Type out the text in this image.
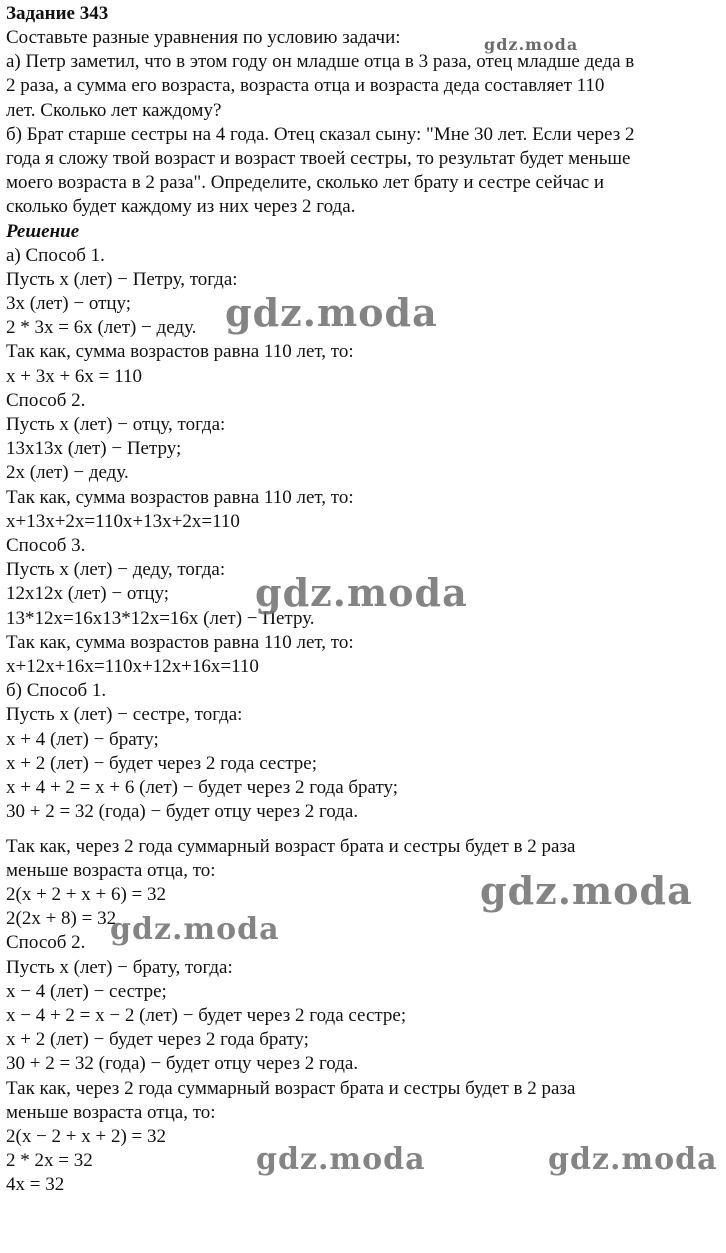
Задание 343
Составьте разные уравнения по условию задачи:
а) Петр заметил, что в этом году он младше отца в 3 раза, отец младше деда в
2 раза, а сумма его возраста, возраста отца и возраста деда составляет 110
лет. Сколько лет каждому?
б) Брат старше сестры на 4 года. Отец сказал сыну: "Мне 30 лет. Если через 2
года я сложу твой возраст и возраст твоей сестры, то результат будет меньше
моего возраста в 2 раза". Определите, сколько лет брату и сестре сейчас и
сколько будет каждому из них через 2 года.
Решение
а) Способ 1.
Пусть x (лет) − Петру, тогда:
3x (лет) − отцу;
2 * 3x = 6x (лет) − деду.
Так как, сумма возрастов равна 110 лет, то:
x + 3x + 6x = 110
Способ 2.
Пусть x (лет) − отцу, тогда:
13x13x (лет) − Петру;
2x (лет) − деду.
Так как, сумма возрастов равна 110 лет, то:
x+13x+2x=110x+13x+2x=110
Способ 3.
Пусть x (лет) − деду, тогда:
12x12x (лет) − отцу;
13*12x=16x13*12x=16x (лет) − Петру.
Так как, сумма возрастов равна 110 лет, то:
x+12x+16x=110x+12x+16x=110
б) Способ 1.
Пусть x (лет) − сестре, тогда:
x + 4 (лет) − брату;
x + 2 (лет) − будет через 2 года сестре;
x + 4 + 2 = x + 6 (лет) − будет через 2 года брату;
30 + 2 = 32 (года) − будет отцу через 2 года.
Так как, через 2 года суммарный возраст брата и сестры будет в 2 раза
меньше возраста отца, то:
2(x + 2 + x + 6) = 32
2(2x + 8) = 32
Способ 2.
Пусть x (лет) − брату, тогда:
x − 4 (лет) − сестре;
x − 4 + 2 = x − 2 (лет) − будет через 2 года сестре;
x + 2 (лет) − будет через 2 года брату;
30 + 2 = 32 (года) − будет отцу через 2 года.
Так как, через 2 года суммарный возраст брата и сестры будет в 2 раза
меньше возраста отца, то:
2(x − 2 + x + 2) = 32
2 * 2x = 32
4x = 32
gdz.moda
gdz.moda
gdz.moda
gdz.moda
gdz.moda
gdz.moda	gdz.moda
